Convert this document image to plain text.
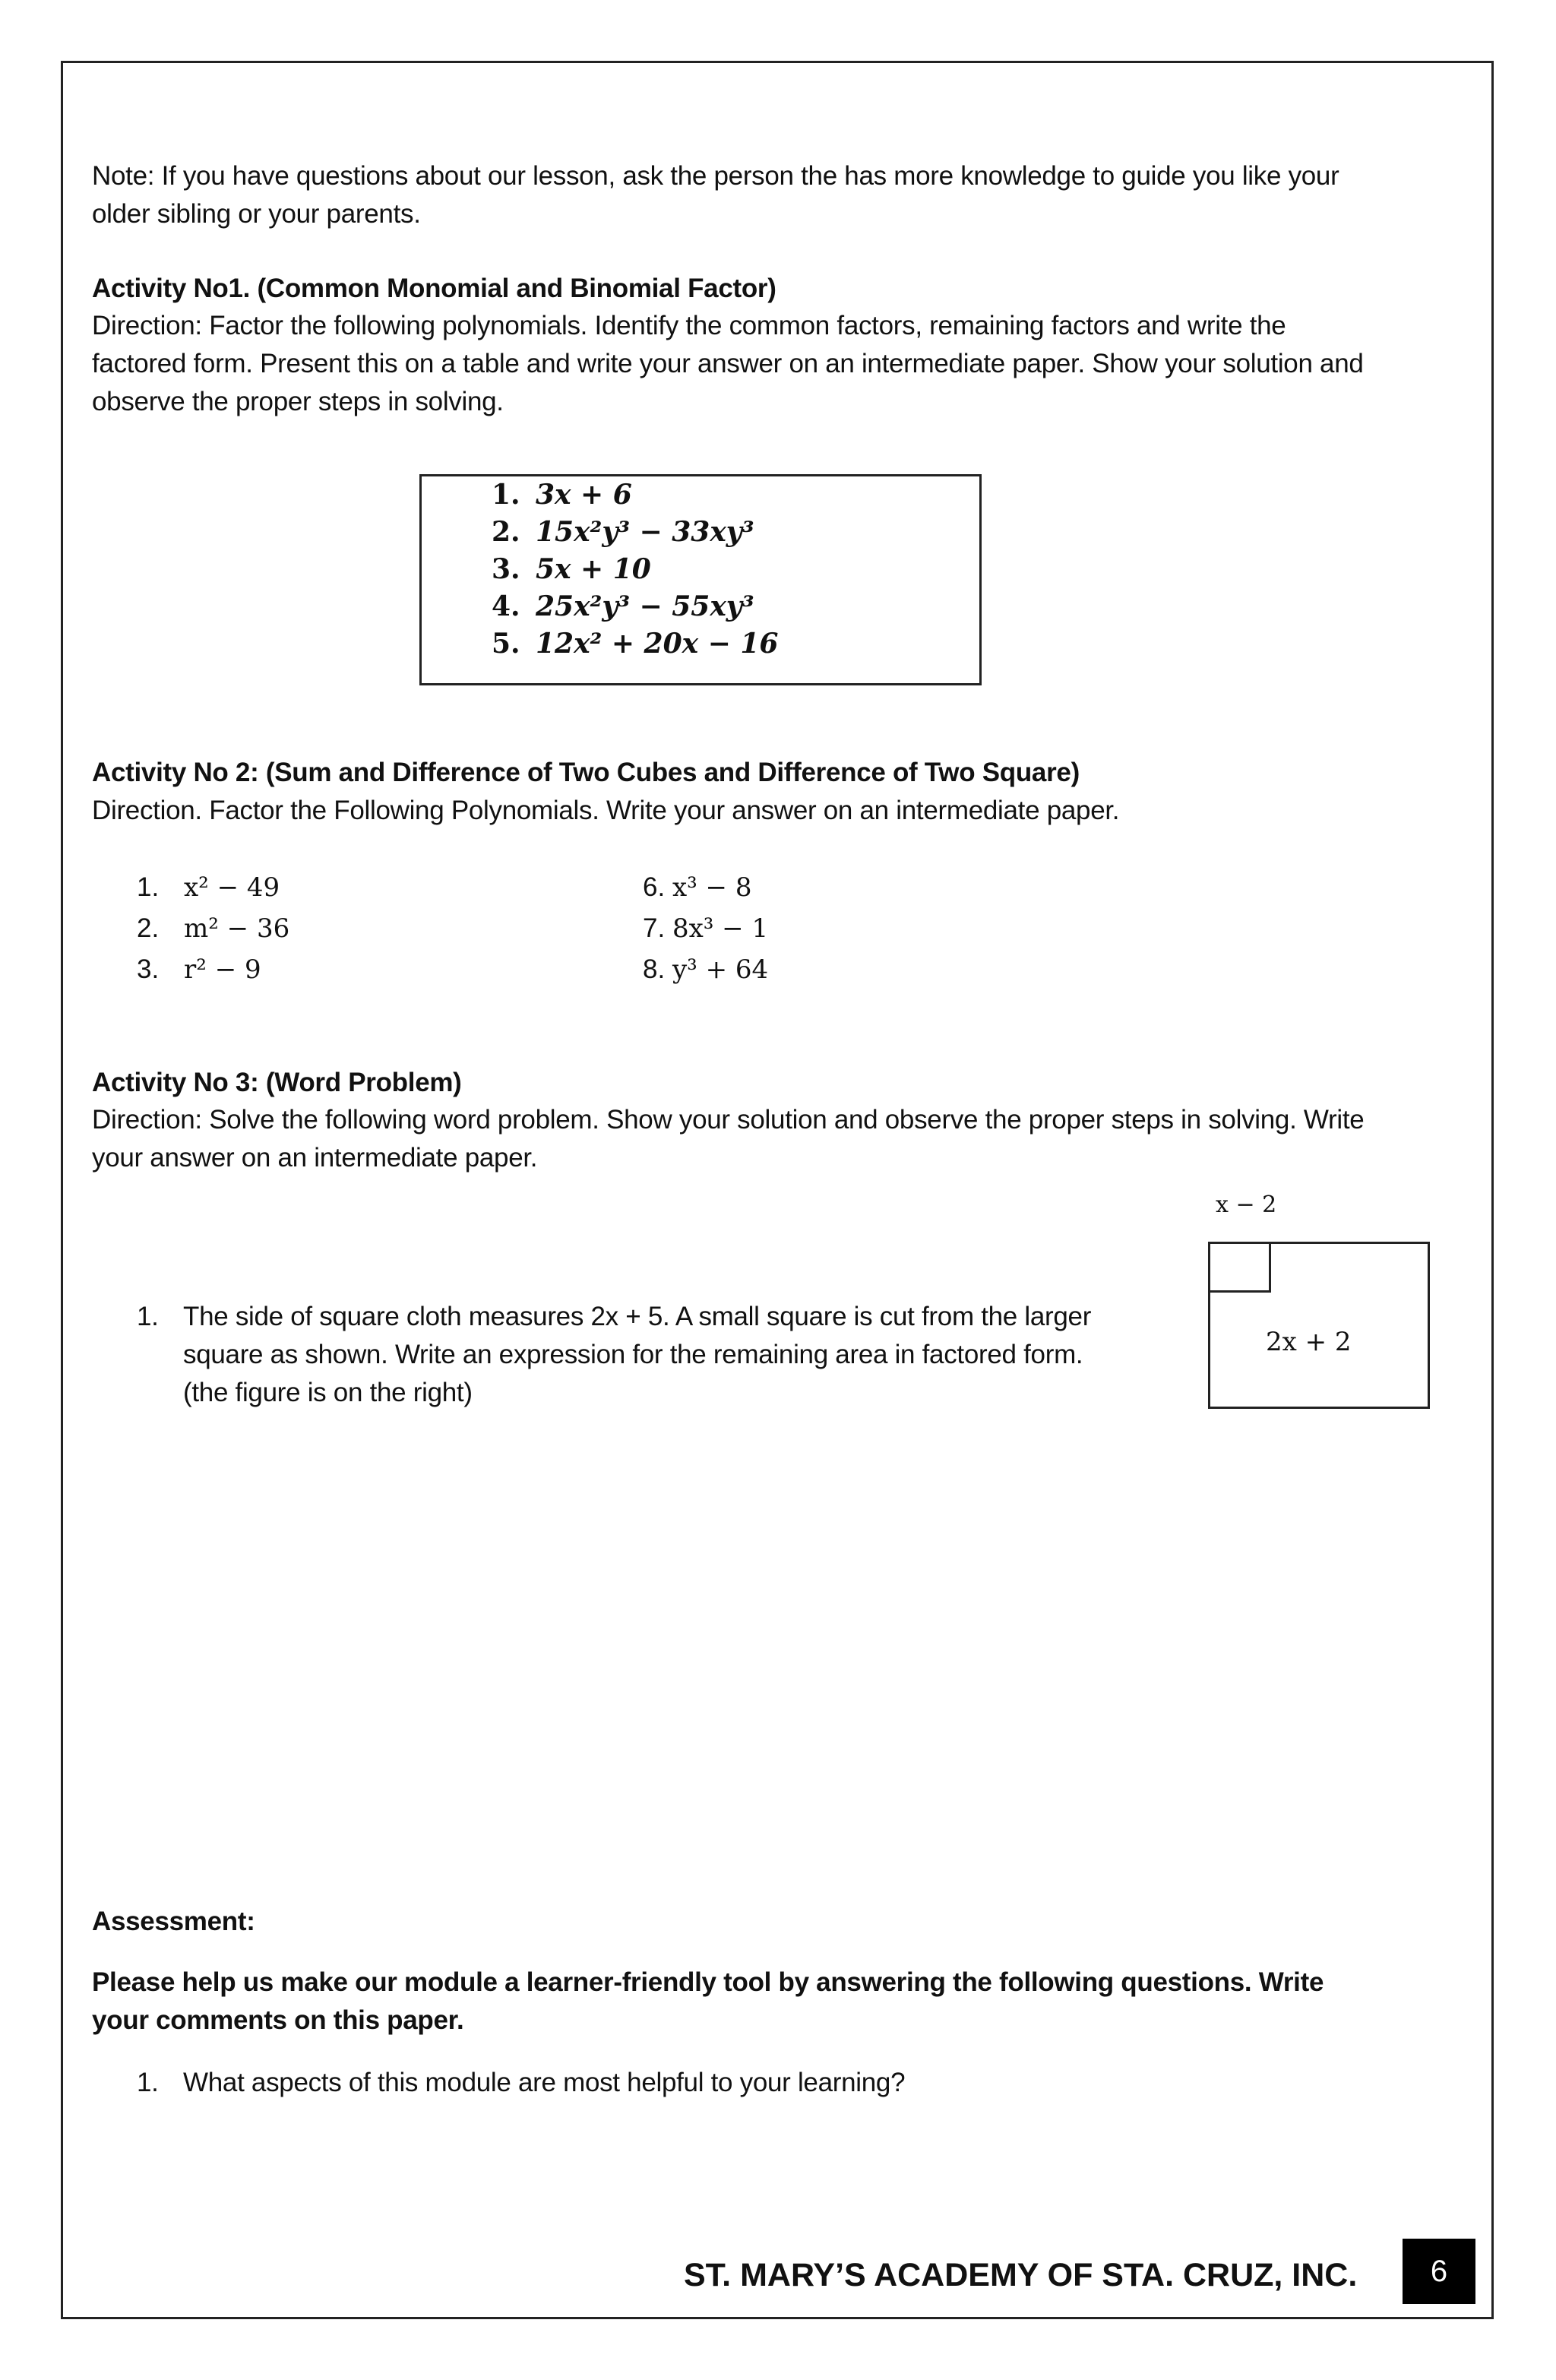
Note: If you have questions about our lesson, ask the person the has more knowledge to guide you like your
older sibling or your parents.
Activity No1. (Common Monomial and Binomial Factor)
Direction: Factor the following polynomials. Identify the common factors, remaining factors and write the
factored form. Present this on a table and write your answer on an intermediate paper. Show your solution and
observe the proper steps in solving.
1. 3x + 6
2. 15x²y³ − 33xy³
3. 5x + 10
4. 25x²y³ − 55xy³
5. 12x² + 20x − 16
Activity No 2: (Sum and Difference of Two Cubes and Difference of Two Square)
Direction. Factor the Following Polynomials. Write your answer on an intermediate paper.
1. x² − 49
2. m² − 36
3. r² − 9
6. x³ − 8
7. 8x³ − 1
8. y³ + 64
Activity No 3: (Word Problem)
Direction: Solve the following word problem. Show your solution and observe the proper steps in solving. Write
your answer on an intermediate paper.
1. The side of square cloth measures 2x + 5. A small square is cut from the larger
square as shown. Write an expression for the remaining area in factored form.
(the figure is on the right)
x − 2
2x + 2
Assessment:
Please help us make our module a learner-friendly tool by answering the following questions. Write
your comments on this paper.
1. What aspects of this module are most helpful to your learning?
ST. MARY’S ACADEMY OF STA. CRUZ, INC.	6
